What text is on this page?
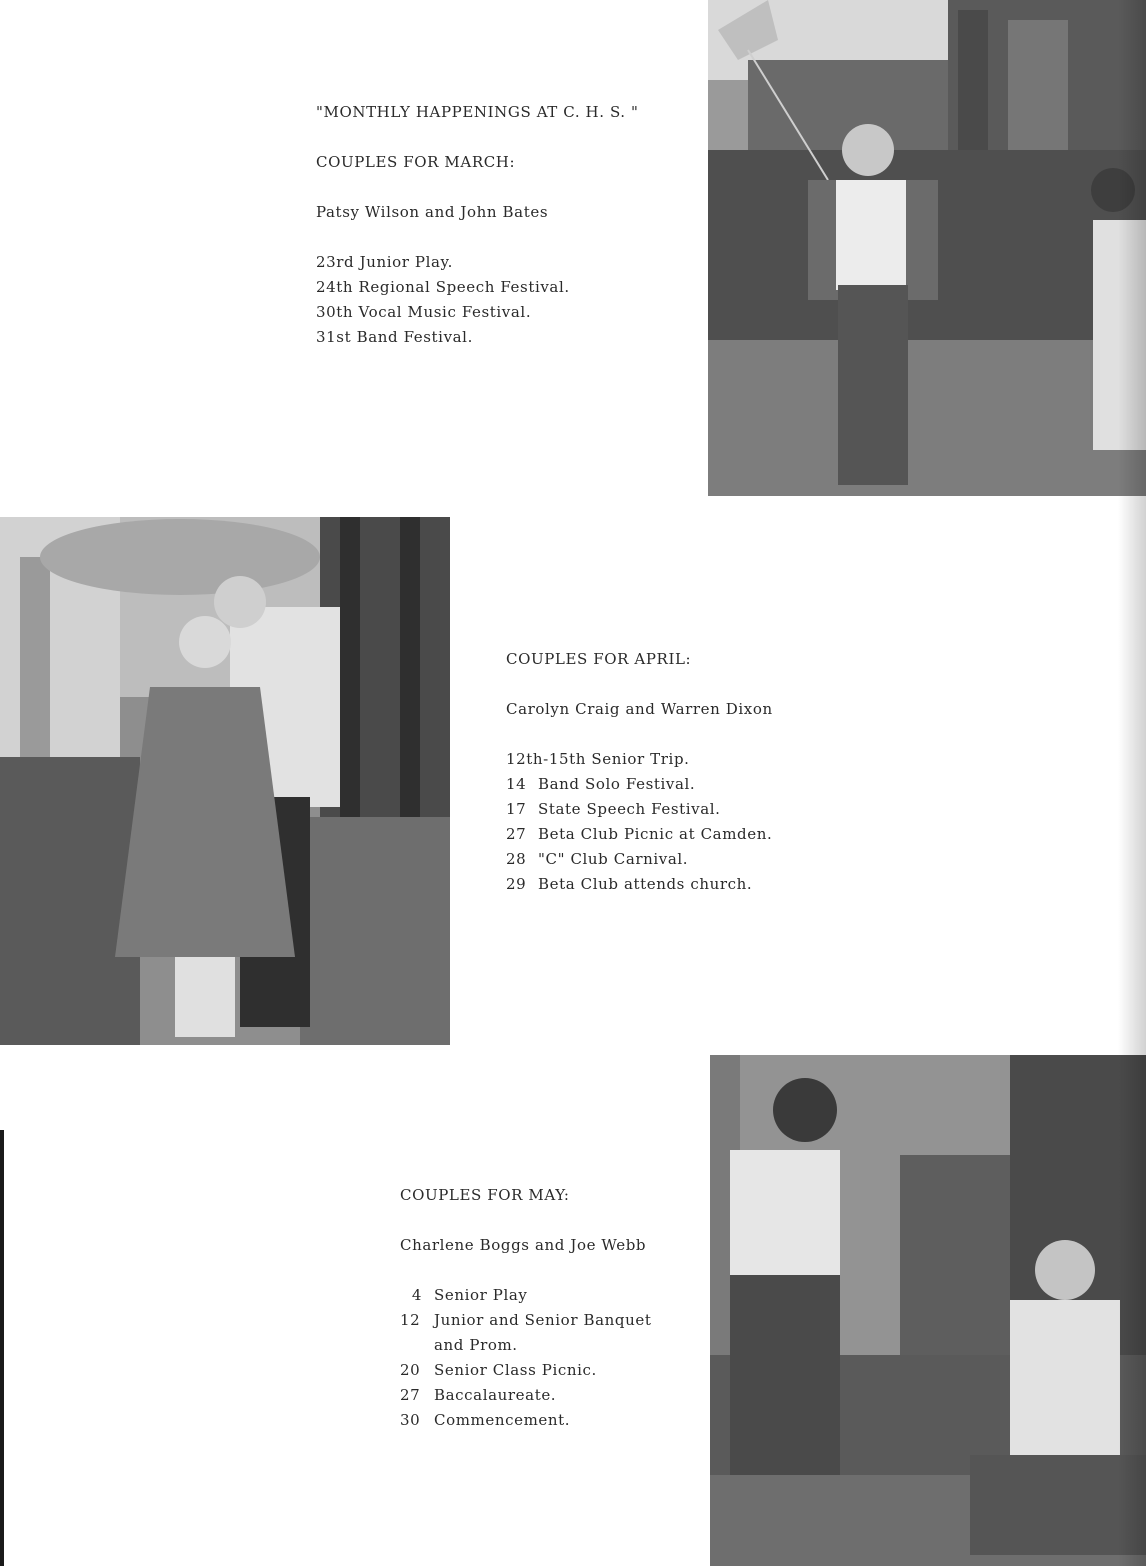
"MONTHLY HAPPENINGS AT C. H. S. "

COUPLES FOR MARCH:

Patsy Wilson and John Bates

23rd Junior Play.
24th Regional Speech Festival.
30th Vocal Music Festival.
31st Band Festival.

COUPLES FOR APRIL:

Carolyn Craig and Warren Dixon

12th-15th Senior Trip.
14 Band Solo Festival.
17 State Speech Festival.
27 Beta Club Picnic at Camden.
28 "C" Club Carnival.
29 Beta Club attends church.

COUPLES FOR MAY:

Charlene Boggs and Joe Webb

4 Senior Play
12 Junior and Senior Banquet
and Prom.
20 Senior Class Picnic.
27 Baccalaureate.
30 Commencement.
